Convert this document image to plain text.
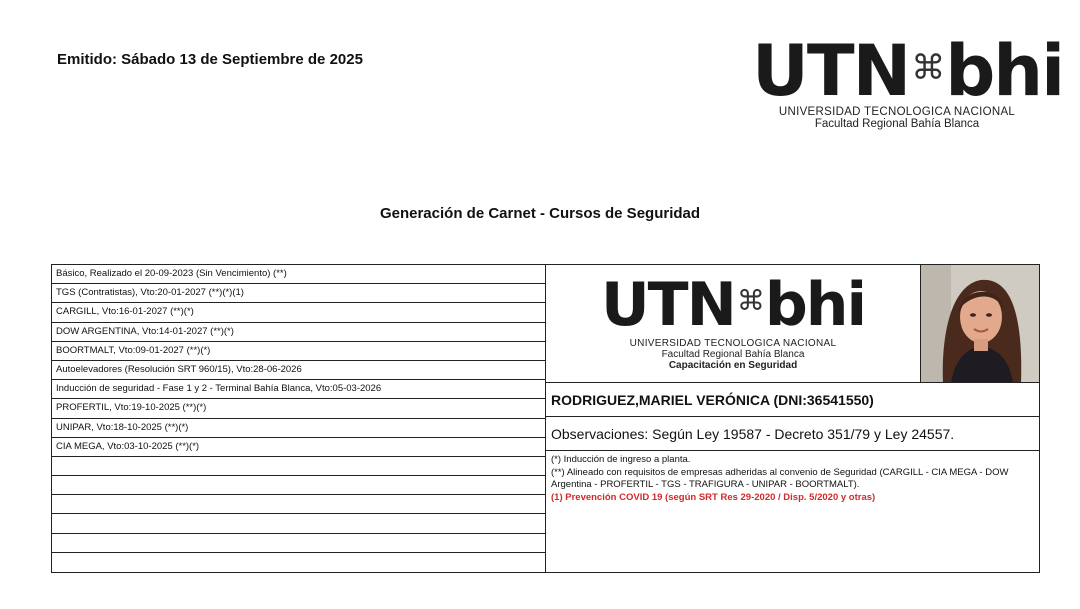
Emitido: Sábado 13 de Septiembre de 2025	UTN⌘bhi
UNIVERSIDAD TECNOLOGICA NACIONAL
Facultad Regional Bahía Blanca
Generación de Carnet - Cursos de Seguridad
Básico, Realizado el 20-09-2023 (Sin Vencimiento) (**)
TGS (Contratistas), Vto:20-01-2027 (**)(*)(1)
CARGILL, Vto:16-01-2027 (**)(*)
DOW ARGENTINA, Vto:14-01-2027 (**)(*)
BOORTMALT, Vto:09-01-2027 (**)(*)
Autoelevadores (Resolución SRT 960/15), Vto:28-06-2026
Inducción de seguridad - Fase 1 y 2 - Terminal Bahía Blanca, Vto:05-03-2026
PROFERTIL, Vto:19-10-2025 (**)(*)
UNIPAR, Vto:18-10-2025 (**)(*)
CIA MEGA, Vto:03-10-2025 (**)(*)
UTN⌘bhi
UNIVERSIDAD TECNOLOGICA NACIONAL
Facultad Regional Bahía Blanca
Capacitación en Seguridad
RODRIGUEZ,MARIEL VERÓNICA (DNI:36541550)
Observaciones: Según Ley 19587 - Decreto 351/79 y Ley 24557.
(*) Inducción de ingreso a planta.
(**) Alineado con requisitos de empresas adheridas al convenio de Seguridad (CARGILL - CIA MEGA - DOW Argentina - PROFERTIL - TGS - TRAFIGURA - UNIPAR - BOORTMALT).
(1) Prevención COVID 19 (según SRT Res 29-2020 / Disp. 5/2020 y otras)
